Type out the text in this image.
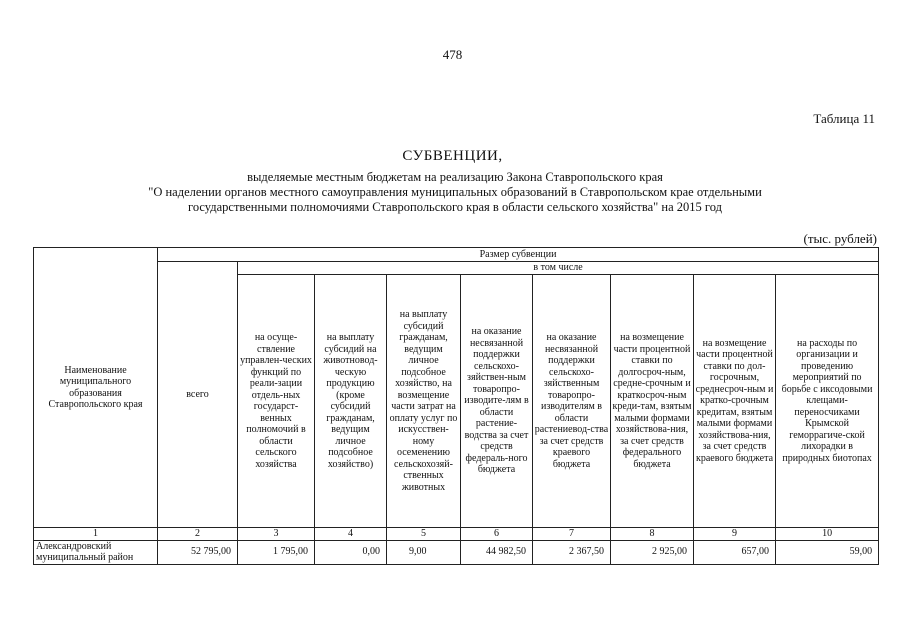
478
Таблица 11
СУБВЕНЦИИ,
выделяемые местным бюджетам на реализацию Закона Ставропольского края
"О наделении органов местного самоуправления муниципальных образований в Ставропольском крае отдельными
государственными полномочиями Ставропольского края в области сельского хозяйства" на 2015 год
(тыс. рублей)
Наименование муниципального образования Ставропольского края	Размер субвенции								
	всего	в том числе							
		на осуще-ствление управлен-ческих функций по реали-зации отдель-ных государст-венных полномочий в области сельского хозяйства	на выплату субсидий на животновод-ческую продукцию (кроме субсидий гражданам, ведущим личное подсобное хозяйство)	на выплату субсидий гражданам, ведущим личное подсобное хозяйство, на возмещение части затрат на оплату услуг по искусствен-ному осеменению сельскохозяй-ственных животных	на оказание несвязанной поддержки сельскохо-зяйствен-ным товаропро-изводите-лям в области растениe-водства за счет средств федераль-ного бюджета	на оказание несвязанной поддержки сельскохо-зяйственным товаропро-изводителям в области растениевод-ства за счет средств краевого бюджета	на возмещение части процентной ставки по долгосроч-ным, средне-срочным и краткосроч-ным креди-там, взятым малыми формами хозяйствова-ния, за счет средств федерального бюджета	на возмещение части процентной ставки по дол-госрочным, среднесроч-ным и кратко-срочным кредитам, взятым малыми формами хозяйствова-ния, за счет средств краевого бюджета	на расходы по организации и проведению мероприятий по борьбе с иксодовыми клещами-переносчиками Крымской геморрагиче-ской лихорадки в природных биотопах
1	2	3	4	5	6	7	8	9	10
Александровский муниципальный район	52 795,00	1 795,00	0,00	9,00	44 982,50	2 367,50	2 925,00	657,00	59,00
